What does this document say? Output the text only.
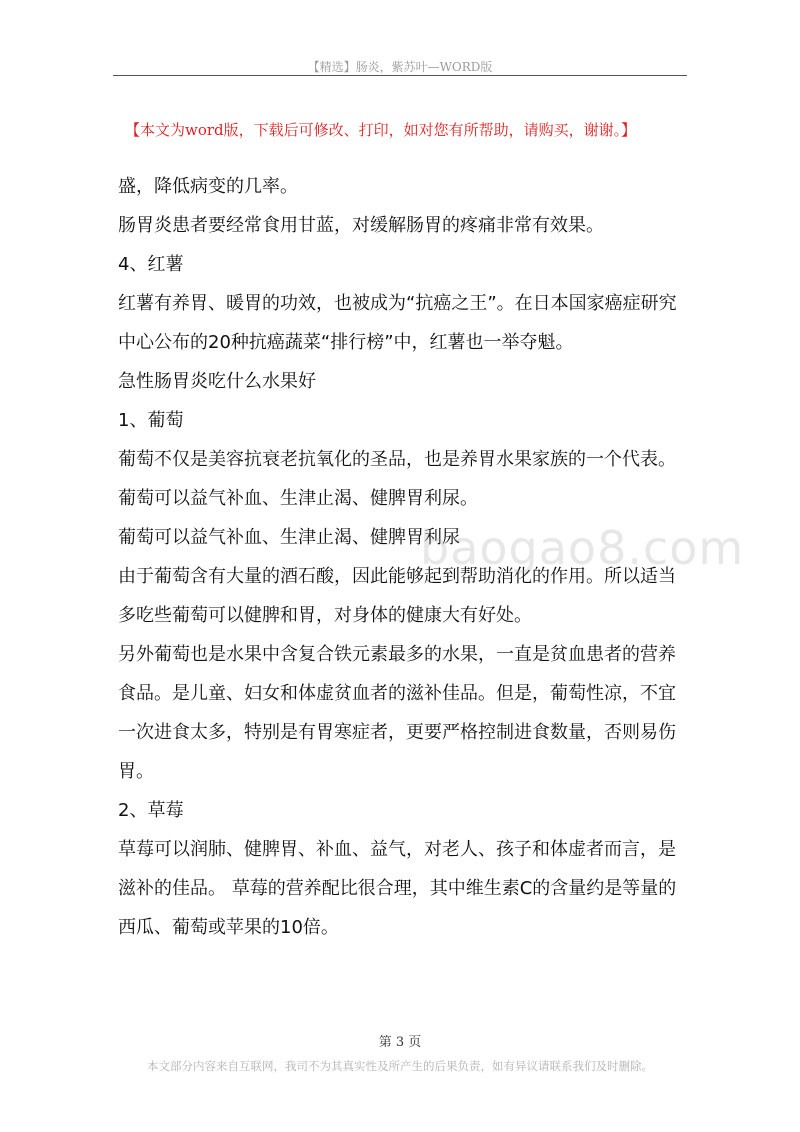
【精选】肠炎，紫苏叶—WORD版
【本文为word版，下载后可修改、打印，如对您有所帮助，请购买，谢谢。】

盛，降低病变的几率。

肠胃炎患者要经常食用甘蓝，对缓解肠胃的疼痛非常有效果。

4、红薯

红薯有养胃、暖胃的功效，也被成为“抗癌之王”。在日本国家癌症研究中心公布的20种抗癌蔬菜“排行榜”中，红薯也一举夺魁。

急性肠胃炎吃什么水果好

1、葡萄

葡萄不仅是美容抗衰老抗氧化的圣品，也是养胃水果家族的一个代表。葡萄可以益气补血、生津止渴、健脾胃利尿。

葡萄可以益气补血、生津止渴、健脾胃利尿

由于葡萄含有大量的酒石酸，因此能够起到帮助消化的作用。所以适当多吃些葡萄可以健脾和胃，对身体的健康大有好处。

另外葡萄也是水果中含复合铁元素最多的水果，一直是贫血患者的营养食品。是儿童、妇女和体虚贫血者的滋补佳品。但是，葡萄性凉，不宜一次进食太多，特别是有胃寒症者，更要严格控制进食数量，否则易伤胃。

2、草莓

草莓可以润肺、健脾胃、补血、益气，对老人、孩子和体虚者而言，是滋补的佳品。 草莓的营养配比很合理，其中维生素C的含量约是等量的西瓜、葡萄或苹果的10倍。

baogao8.com
第 3 页
本文部分内容来自互联网，我司不为其真实性及所产生的后果负责，如有异议请联系我们及时删除。
